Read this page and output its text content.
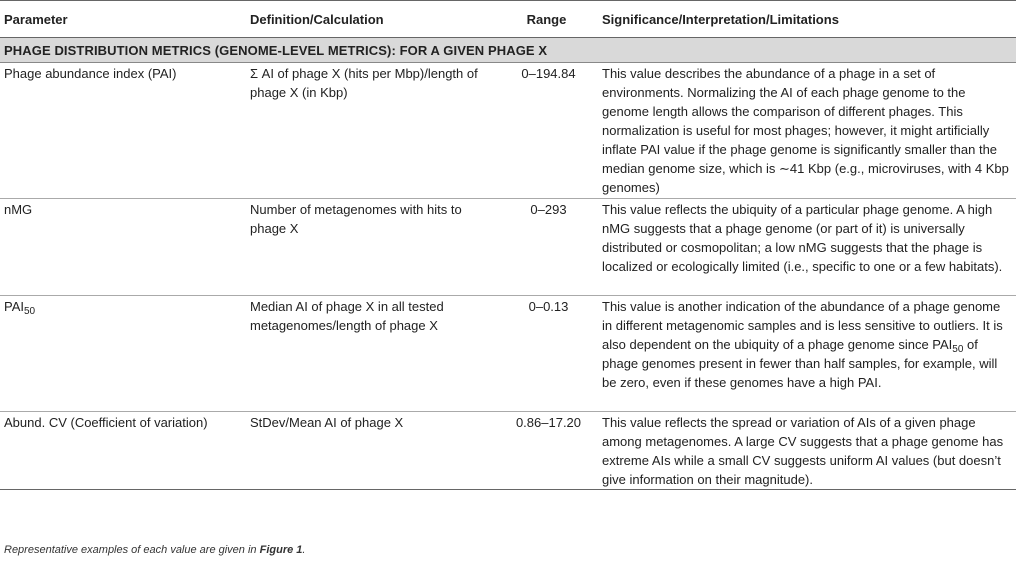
Parameter	Definition/Calculation	Range	Significance/Interpretation/Limitations
PHAGE DISTRIBUTION METRICS (GENOME-LEVEL METRICS): FOR A GIVEN PHAGE X			
Phage abundance index (PAI)	Σ AI of phage X (hits per Mbp)/length of phage X (in Kbp)	0–194.84	This value describes the abundance of a phage in a set of environments. Normalizing the AI of each phage genome to the genome length allows the comparison of different phages. This normalization is useful for most phages; however, it might artificially inflate PAI value if the phage genome is significantly smaller than the median genome size, which is ∼41 Kbp (e.g., microviruses, with 4 Kbp genomes)
nMG	Number of metagenomes with hits to phage X	0–293	This value reflects the ubiquity of a particular phage genome. A high nMG suggests that a phage genome (or part of it) is universally distributed or cosmopolitan; a low nMG suggests that the phage is localized or ecologically limited (i.e., specific to one or a few habitats).
$PAI_{50}$	Median AI of phage X in all tested metagenomes/length of phage X	0–0.13	This value is another indication of the abundance of a phage genome in different metagenomic samples and is less sensitive to outliers. It is also dependent on the ubiquity of a phage genome since $PAI_{50}$ of phage genomes present in fewer than half samples, for example, will be zero, even if these genomes have a high PAI.
Abund. CV (Coefficient of variation)	StDev/Mean AI of phage X	0.86–17.20	This value reflects the spread or variation of AIs of a given phage among metagenomes. A large CV suggests that a phage genome has extreme AIs while a small CV suggests uniform AI values (but doesn’t give information on their magnitude).
Representative examples of each value are given in Figure 1.
